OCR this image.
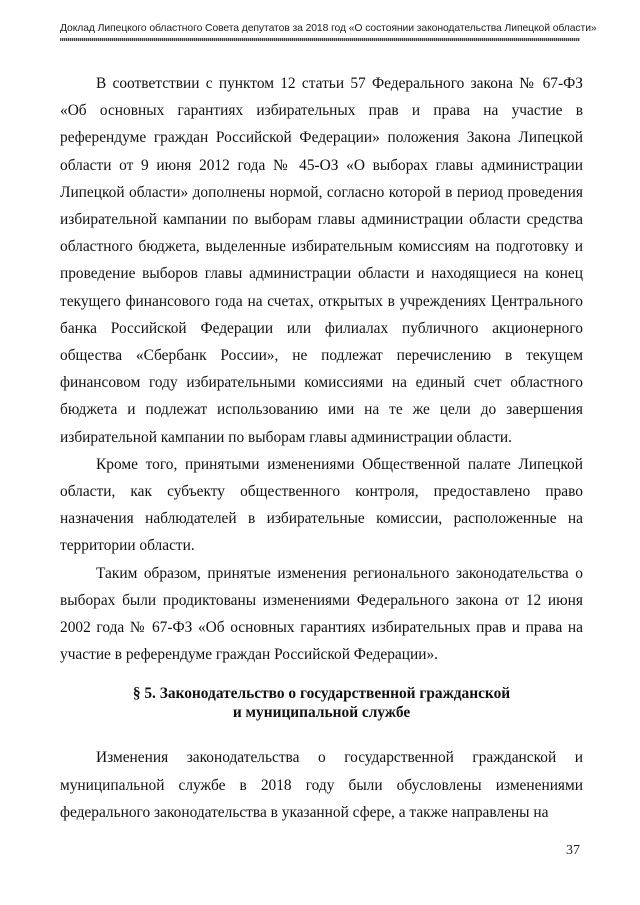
Доклад Липецкого областного Совета депутатов за 2018 год «О состоянии законодательства Липецкой области»

В соответствии с пунктом 12 статьи 57 Федерального закона № 67-ФЗ «Об основных гарантиях избирательных прав и права на участие в референдуме граждан Российской Федерации» положения Закона Липецкой области от 9 июня 2012 года № 45-ОЗ «О выборах главы администрации Липецкой области» дополнены нормой, согласно которой в период проведения избирательной кампании по выборам главы администрации области средства областного бюджета, выделенные избирательным комиссиям на подготовку и проведение выборов главы администрации области и находящиеся на конец текущего финансового года на счетах, открытых в учреждениях Центрального банка Российской Федерации или филиалах публичного акционерного общества «Сбербанк России», не подлежат перечислению в текущем финансовом году избирательными комиссиями на единый счет областного бюджета и подлежат использованию ими на те же цели до завершения избирательной кампании по выборам главы администрации области.

Кроме того, принятыми изменениями Общественной палате Липецкой области, как субъекту общественного контроля, предоставлено право назначения наблюдателей в избирательные комиссии, расположенные на территории области.

Таким образом, принятые изменения регионального законодательства о выборах были продиктованы изменениями Федерального закона от 12 июня 2002 года № 67-ФЗ «Об основных гарантиях избирательных прав и права на участие в референдуме граждан Российской Федерации».

§ 5. Законодательство о государственной гражданской
и муниципальной службе

Изменения законодательства о государственной гражданской и муниципальной службе в 2018 году были обусловлены изменениями федерального законодательства в указанной сфере, а также направлены на

37
